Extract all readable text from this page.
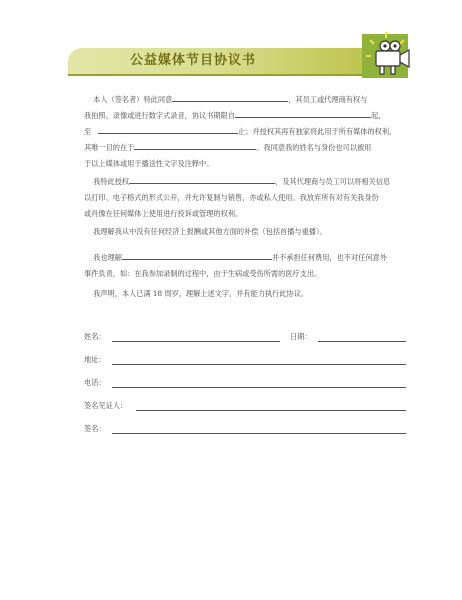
公益媒体节目协议书
本人（签名者）特此同意	，其员工或代理商有权与
我拍照、录像或进行数字式录音，协议书期限自	起，
至	止；并授权其再有独家将此用于所有媒体的权利，
其唯一目的在于	。我同意我的姓名与身份也可以被用
于以上媒体或用于播送性文字及注释中。
我特此授权	，及其代理商与员工可以将相关信息
以打印、电子格式的形式公开，并允许复制与销售，亦或私人使用。我放弃所有对有关我身份
或肖像在任何媒体上使用进行投诉或管理的权利。
我理解我从中没有任何经济上报酬或其他方面的补偿（包括首播与重播）。
我也理解	并不承担任何费用，也不对任何意外
事件负责，如：在我参加录制的过程中，由于生病或受伤所需的医疗支出。
我声明，本人已满 18 周岁，理解上述文字，并有能力执行此协议。
姓名：	日期：
地址：
电话：
签名见证人：
签名：
